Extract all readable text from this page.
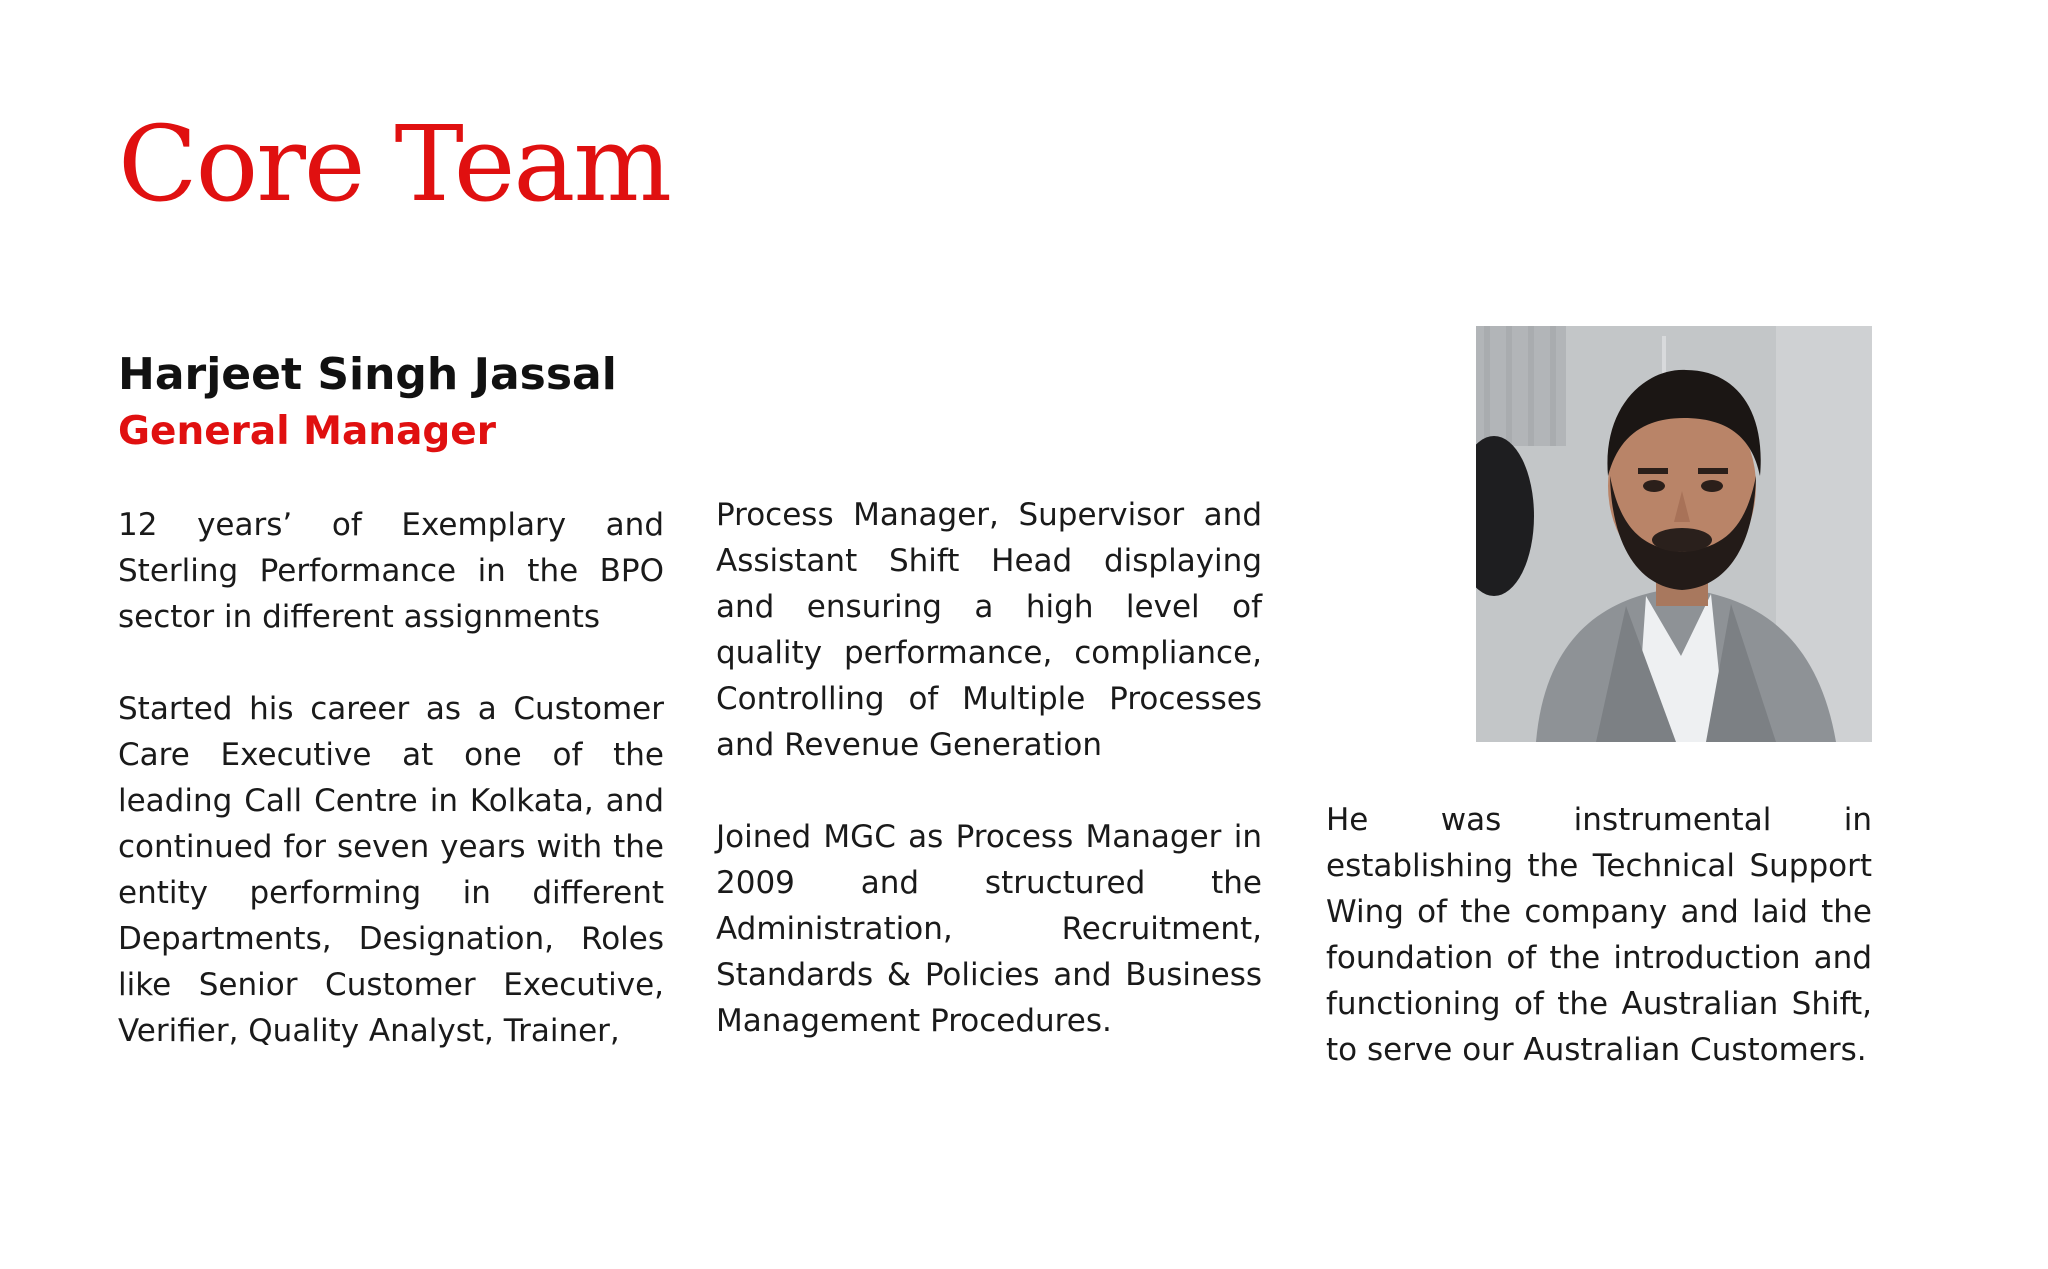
Core Team
Harjeet Singh Jassal
General Manager

12 years’ of Exemplary and Sterling Performance in the BPO sector in different assignments

Started his career as a Customer Care Executive at one of the leading Call Centre in Kolkata, and continued for seven years with the entity performing in different Departments, Designation, Roles like Senior Customer Executive, Verifier, Quality Analyst, Trainer,

Process Manager, Supervisor and Assistant Shift Head displaying and ensuring a high level of quality performance, compliance, Controlling of Multiple Processes and Revenue Generation

Joined MGC as Process Manager in 2009 and structured the Administration, Recruitment, Standards & Policies and Business Management Procedures.

He was instrumental in establishing the Technical Support Wing of the company and laid the foundation of the introduction and functioning of the Australian Shift, to serve our Australian Customers.
